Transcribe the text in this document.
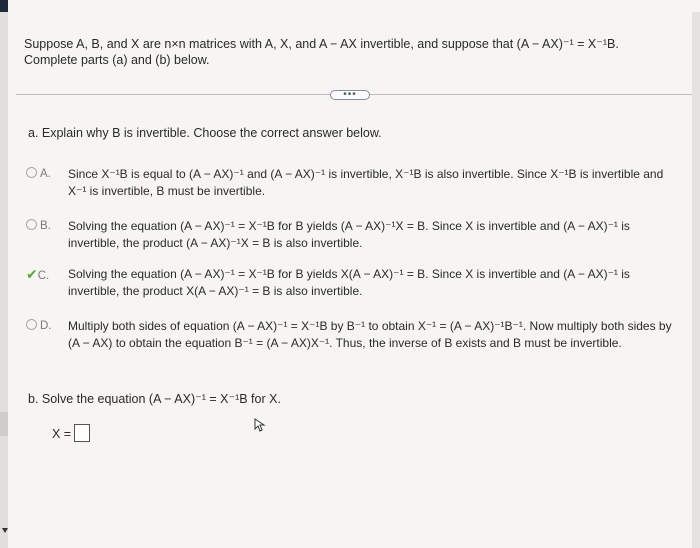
Suppose A, B, and X are n×n matrices with A, X, and A − AX invertible, and suppose that (A − AX)⁻¹ = X⁻¹B.
Complete parts (a) and (b) below.
•••
a. Explain why B is invertible. Choose the correct answer below.
A. Since X⁻¹B is equal to (A − AX)⁻¹ and (A − AX)⁻¹ is invertible, X⁻¹B is also invertible. Since X⁻¹B is invertible and X⁻¹ is invertible, B must be invertible.
B. Solving the equation (A − AX)⁻¹ = X⁻¹B for B yields (A − AX)⁻¹X = B. Since X is invertible and (A − AX)⁻¹ is invertible, the product (A − AX)⁻¹X = B is also invertible.
✔C. Solving the equation (A − AX)⁻¹ = X⁻¹B for B yields X(A − AX)⁻¹ = B. Since X is invertible and (A − AX)⁻¹ is invertible, the product X(A − AX)⁻¹ = B is also invertible.
D. Multiply both sides of equation (A − AX)⁻¹ = X⁻¹B by B⁻¹ to obtain X⁻¹ = (A − AX)⁻¹B⁻¹. Now multiply both sides by (A − AX) to obtain the equation B⁻¹ = (A − AX)X⁻¹. Thus, the inverse of B exists and B must be invertible.
b. Solve the equation (A − AX)⁻¹ = X⁻¹B for X.
X =
